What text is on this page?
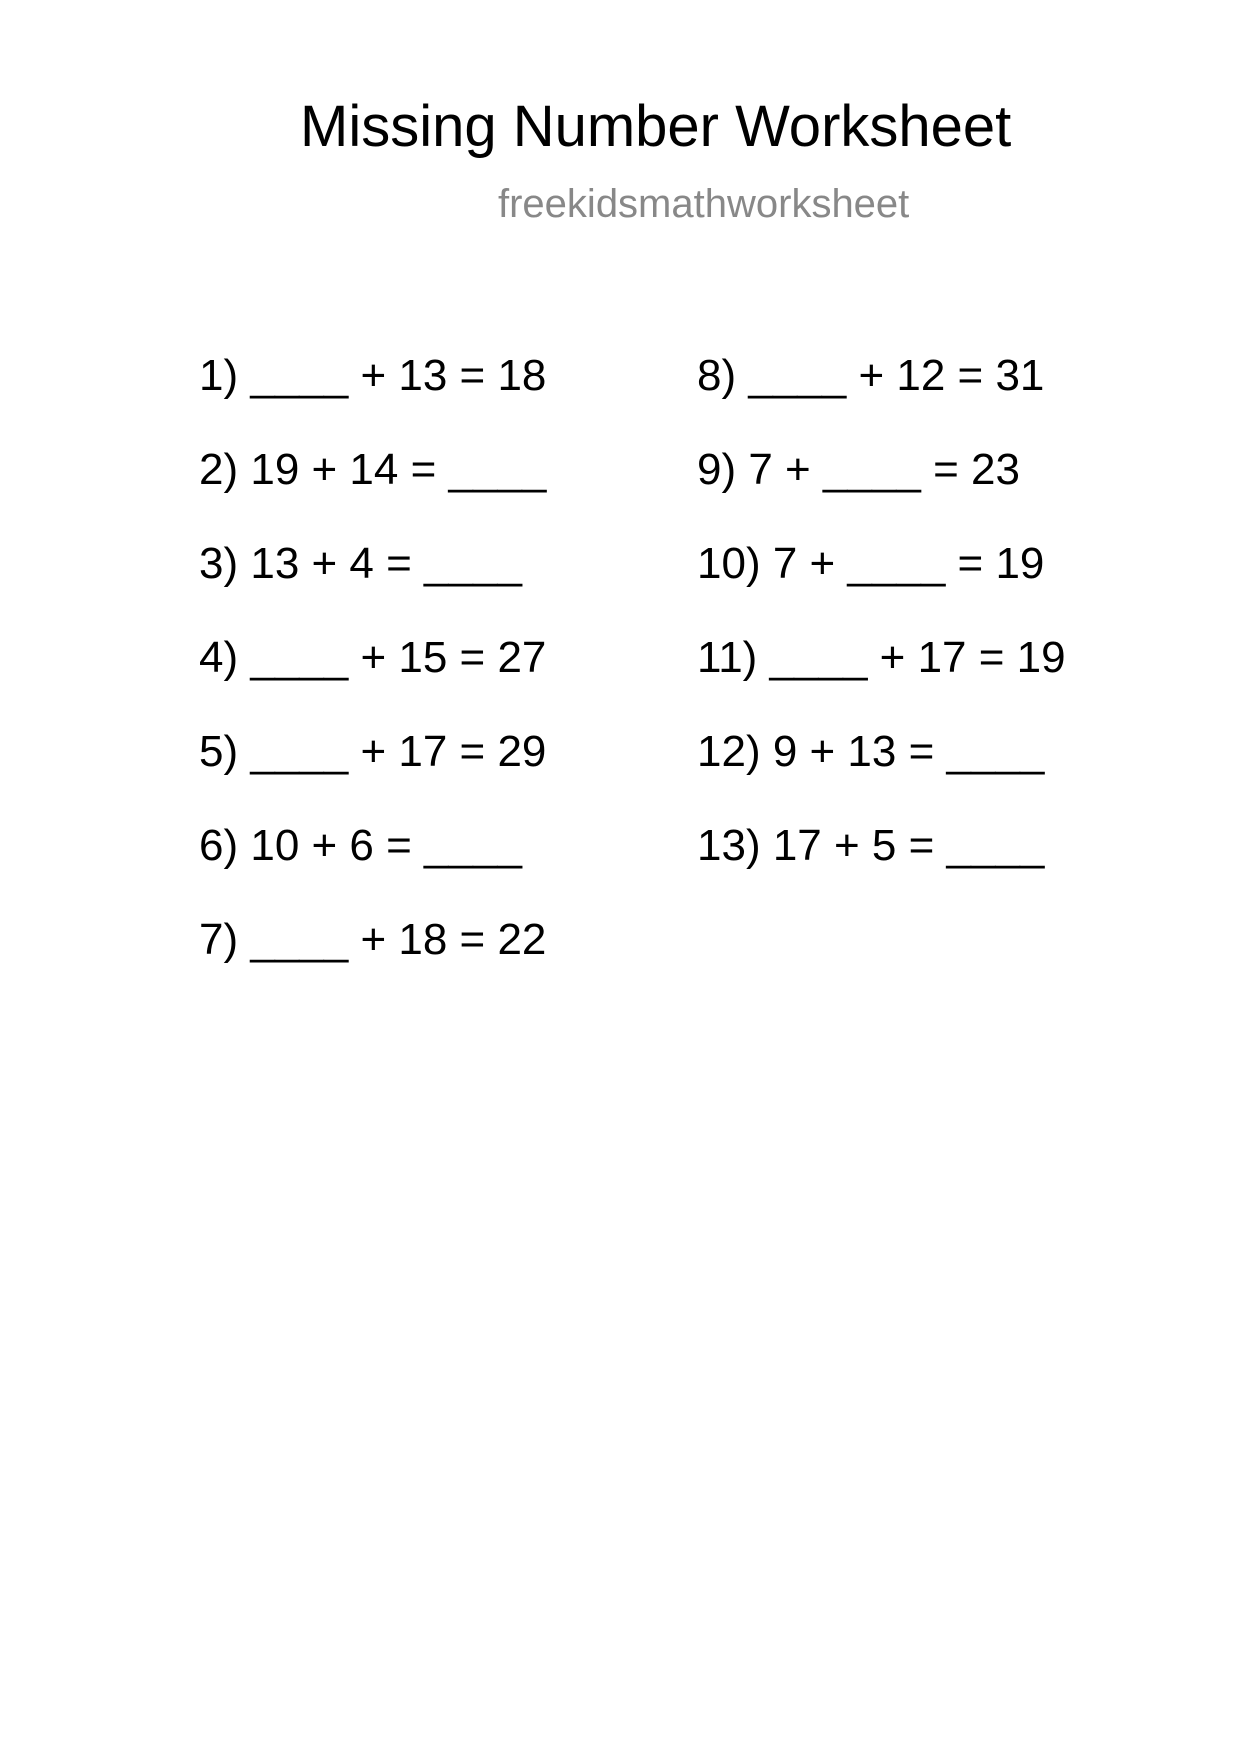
Missing Number Worksheet
freekidsmathworksheet
1) ____ + 13 = 18
2) 19 + 14 = ____
3) 13 + 4 = ____
4) ____ + 15 = 27
5) ____ + 17 = 29
6) 10 + 6 = ____
7) ____ + 18 = 22
8) ____ + 12 = 31
9) 7 + ____ = 23
10) 7 + ____ = 19
11) ____ + 17 = 19
12) 9 + 13 = ____
13) 17 + 5 = ____
